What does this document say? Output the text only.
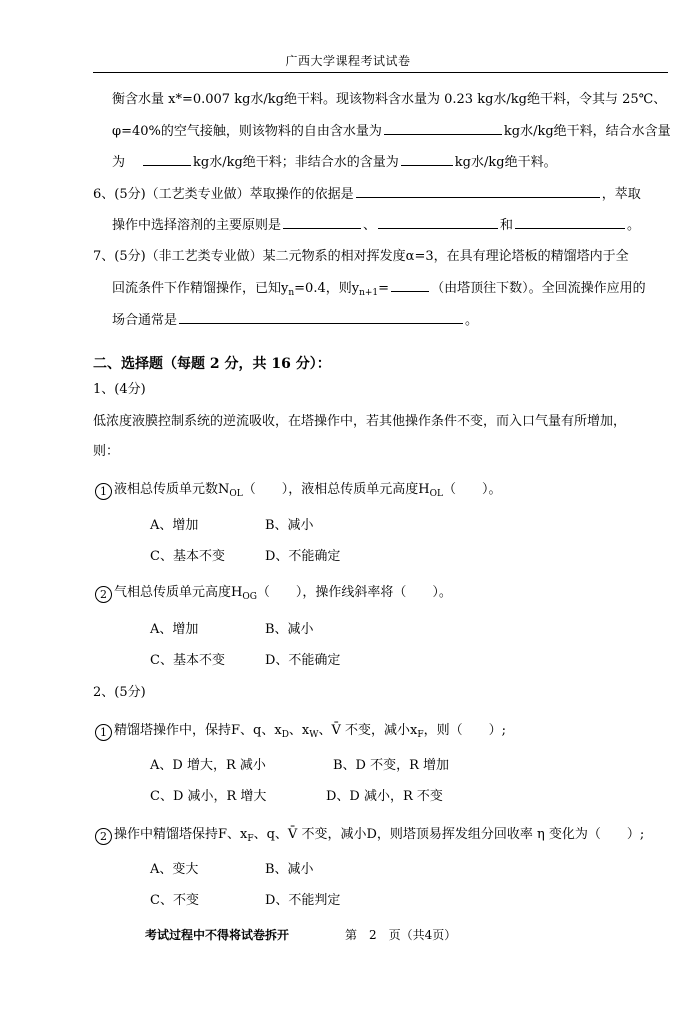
广西大学课程考试试卷
衡含水量 x*=0.007 kg水/kg绝干料。现该物料含水量为 0.23 kg水/kg绝干料，令其与 25℃、
φ=40%的空气接触，则该物料的自由含水量为	kg水/kg绝干料，结合水含量
为	kg水/kg绝干料；非结合水的含量为	kg水/kg绝干料。
6、(5分)（工艺类专业做）萃取操作的依据是	，萃取
操作中选择溶剂的主要原则是	、	和	。
7、(5分)（非工艺类专业做）某二元物系的相对挥发度α=3，在具有理论塔板的精馏塔内于全
回流条件下作精馏操作，已知$y_n=0.4$，则$y_{n+1}=$	（由塔顶往下数）。全回流操作应用的
场合通常是	。
二、选择题（每题 2 分，共 16 分）：
1、(4分)
低浓度液膜控制系统的逆流吸收，在塔操作中，若其他操作条件不变，而入口气量有所增加，
则：
1 液相总传质单元数$N_{OL}$（　　），液相总传质单元高度$H_{OL}$（　　）。
A、增加	B、减小
C、基本不变	D、不能确定
2 气相总传质单元高度$H_{OG}$（　　），操作线斜率将（　　）。
A、增加	B、减小
C、基本不变	D、不能确定
2、(5分)
1 精馏塔操作中，保持F、q、$x_D$、$x_W$、V̄ 不变，减小$x_F$，则（　　）;
A、D 增大，R 减小	B、D 不变，R 增加
C、D 减小，R 增大	D、D 减小，R 不变
2 操作中精馏塔保持F、$x_F$、q、V̄ 不变，减小D，则塔顶易挥发组分回收率 η 变化为（　　）;
A、变大	B、减小
C、不变	D、不能判定
考试过程中不得将试卷拆开	第　2　页（共4页）
